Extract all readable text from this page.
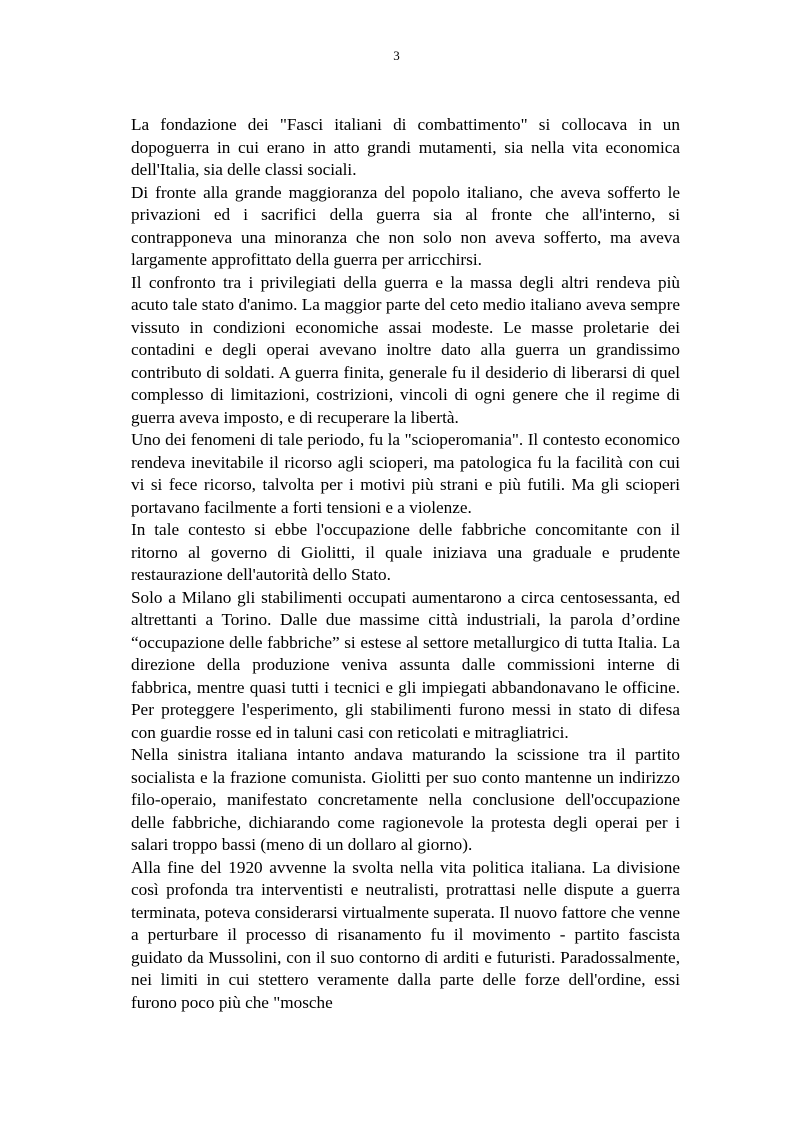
3

La fondazione dei "Fasci italiani di combattimento" si collocava in un dopoguerra in cui erano in atto grandi mutamenti, sia nella vita economica dell'Italia, sia delle classi sociali.

Di fronte alla grande maggioranza del popolo italiano, che aveva sofferto le privazioni ed i sacrifici della guerra sia al fronte che all'interno, si contrapponeva una minoranza che non solo non aveva sofferto, ma aveva largamente approfittato della guerra per arricchirsi.

Il confronto tra i privilegiati della guerra e la massa degli altri rendeva più acuto tale stato d'animo. La maggior parte del ceto medio italiano aveva sempre vissuto in condizioni economiche assai modeste. Le masse proletarie dei contadini e degli operai avevano inoltre dato alla guerra un grandissimo contributo di soldati. A guerra finita, generale fu il desiderio di liberarsi di quel complesso di limitazioni, costrizioni, vincoli di ogni genere che il regime di guerra aveva imposto, e di recuperare la libertà.

Uno dei fenomeni di tale periodo, fu la "scioperomania". Il contesto economico rendeva inevitabile il ricorso agli scioperi, ma patologica fu la facilità con cui vi si fece ricorso, talvolta per i motivi più strani e più futili. Ma gli scioperi portavano facilmente a forti tensioni e a violenze.

In tale contesto si ebbe l'occupazione delle fabbriche concomitante con il ritorno al governo di Giolitti, il quale iniziava una graduale e prudente restaurazione dell'autorità dello Stato.

Solo a Milano gli stabilimenti occupati aumentarono a circa centosessanta, ed altrettanti a Torino. Dalle due massime città industriali, la parola d’ordine “occupazione delle fabbriche” si estese al settore metallurgico di tutta Italia. La direzione della produzione veniva assunta dalle commissioni interne di fabbrica, mentre quasi tutti i tecnici e gli impiegati abbandonavano le officine. Per proteggere l'esperimento, gli stabilimenti furono messi in stato di difesa con guardie rosse ed in taluni casi con reticolati e mitragliatrici.

Nella sinistra italiana intanto andava maturando la scissione tra il partito socialista e la frazione comunista. Giolitti per suo conto mantenne un indirizzo filo-operaio, manifestato concretamente nella conclusione dell'occupazione delle fabbriche, dichiarando come ragionevole la protesta degli operai per i salari troppo bassi (meno di un dollaro al giorno).

Alla fine del 1920 avvenne la svolta nella vita politica italiana. La divisione così profonda tra interventisti e neutralisti, protrattasi nelle dispute a guerra terminata, poteva considerarsi virtualmente superata. Il nuovo fattore che venne a perturbare il processo di risanamento fu il movimento - partito fascista guidato da Mussolini, con il suo contorno di arditi e futuristi. Paradossalmente, nei limiti in cui stettero veramente dalla parte delle forze dell'ordine, essi furono poco più che "mosche
